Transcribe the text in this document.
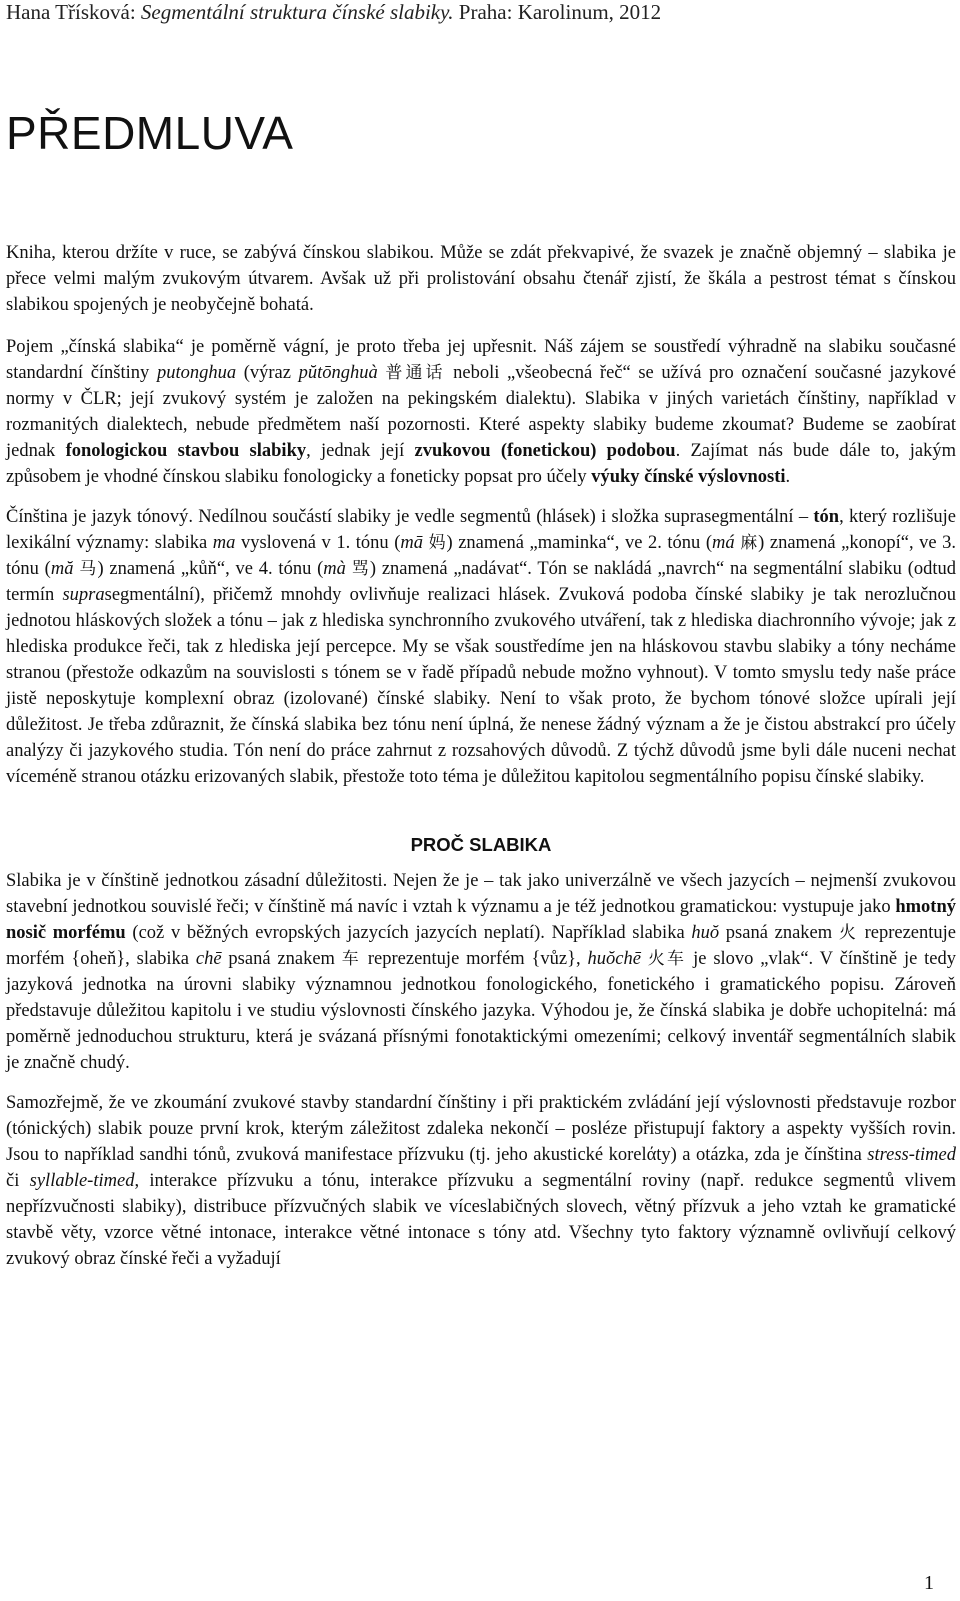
Hana Třísková: Segmentální struktura čínské slabiky. Praha: Karolinum, 2012
PŘEDMLUVA

Kniha, kterou držíte v ruce, se zabývá čínskou slabikou. Může se zdát překvapivé, že svazek je značně objemný – slabika je přece velmi malým zvukovým útvarem. Avšak už při prolistování obsahu čtenář zjistí, že škála a pestrost témat s čínskou slabikou spojených je neobyčejně bohatá.

Pojem „čínská slabika“ je poměrně vágní, je proto třeba jej upřesnit. Náš zájem se soustředí výhradně na slabiku současné standardní čínštiny putonghua (výraz pŭtōnghuà 普通话 neboli „všeobecná řeč“ se užívá pro označení současné jazykové normy v ČLR; její zvukový systém je založen na pekingském dialektu). Slabika v jiných varietách čínštiny, například v rozmanitých dialektech, nebude předmětem naší pozornosti. Které aspekty slabiky budeme zkoumat? Budeme se zaobírat jednak fonologickou stavbou slabiky, jednak její zvukovou (fonetickou) podobou. Zajímat nás bude dále to, jakým způsobem je vhodné čínskou slabiku fonologicky a foneticky popsat pro účely výuky čínské výslovnosti.

Čínština je jazyk tónový. Nedílnou součástí slabiky je vedle segmentů (hlásek) i složka suprasegmentální – tón, který rozlišuje lexikální významy: slabika ma vyslovená v 1. tónu (mā 妈) znamená „maminka“, ve 2. tónu (má 麻) znamená „konopí“, ve 3. tónu (mă 马) znamená „kůň“, ve 4. tónu (mà 骂) znamená „nadávat“. Tón se nakládá „navrch“ na segmentální slabiku (odtud termín suprasegmentální), přičemž mnohdy ovlivňuje realizaci hlásek. Zvuková podoba čínské slabiky je tak nerozlučnou jednotou hláskových složek a tónu – jak z hlediska synchronního zvukového utváření, tak z hlediska diachronního vývoje; jak z hlediska produkce řeči, tak z hlediska její percepce. My se však soustředíme jen na hláskovou stavbu slabiky a tóny necháme stranou (přestože odkazům na souvislosti s tónem se v řadě případů nebude možno vyhnout). V tomto smyslu tedy naše práce jistě neposkytuje komplexní obraz (izolované) čínské slabiky. Není to však proto, že bychom tónové složce upírali její důležitost. Je třeba zdůraznit, že čínská slabika bez tónu není úplná, že nenese žádný význam a že je čistou abstrakcí pro účely analýzy či jazykového studia. Tón není do práce zahrnut z rozsahových důvodů. Z týchž důvodů jsme byli dále nuceni nechat víceméně stranou otázku erizovaných slabik, přestože toto téma je důležitou kapitolou segmentálního popisu čínské slabiky.

PROČ SLABIKA

Slabika je v čínštině jednotkou zásadní důležitosti. Nejen že je – tak jako univerzálně ve všech jazycích – nejmenší zvukovou stavební jednotkou souvislé řeči; v čínštině má navíc i vztah k významu a je též jednotkou gramatickou: vystupuje jako hmotný nosič morfému (což v běžných evropských jazycích jazycích neplatí). Například slabika huŏ psaná znakem 火 reprezentuje morfém {oheň}, slabika chē psaná znakem 车 reprezentuje morfém {vůz}, huŏchē 火车 je slovo „vlak“. V čínštině je tedy jazyková jednotka na úrovni slabiky významnou jednotkou fonologického, fonetického i gramatického popisu. Zároveň představuje důležitou kapitolu i ve studiu výslovnosti čínského jazyka. Výhodou je, že čínská slabika je dobře uchopitelná: má poměrně jednoduchou strukturu, která je svázaná přísnými fonotaktickými omezeními; celkový inventář segmentálních slabik je značně chudý.

Samozřejmě, že ve zkoumání zvukové stavby standardní čínštiny i při praktickém zvládání její výslovnosti představuje rozbor (tónických) slabik pouze první krok, kterým záležitost zdaleka nekončí – posléze přistupují faktory a aspekty vyšších rovin. Jsou to například sandhi tónů, zvuková manifestace přízvuku (tj. jeho akustické korelάty) a otázka, zda je čínština stress-timed či syllable-timed, interakce přízvuku a tónu, interakce přízvuku a segmentální roviny (např. redukce segmentů vlivem nepřízvučnosti slabiky), distribuce přízvučných slabik ve víceslabičných slovech, větný přízvuk a jeho vztah ke gramatické stavbě věty, vzorce větné intonace, interakce větné intonace s tóny atd. Všechny tyto faktory významně ovlivňují celkový zvukový obraz čínské řeči a vyžadují

1
